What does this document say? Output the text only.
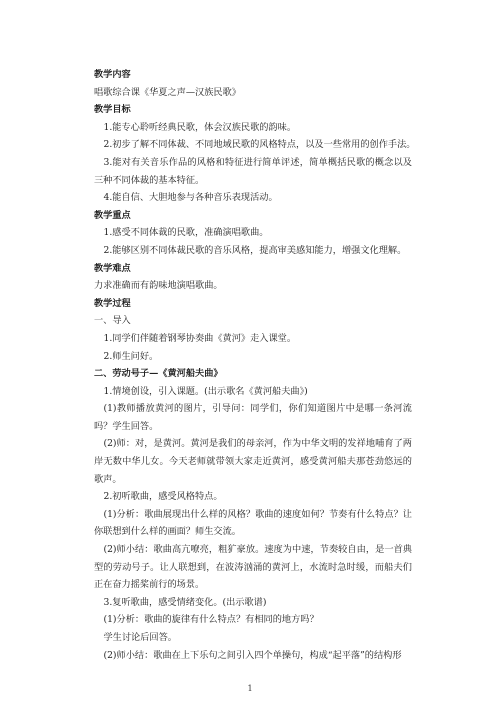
教学内容
唱歌综合课《华夏之声—汉族民歌》
教学目标
1.能专心聆听经典民歌，体会汉族民歌的韵味。
2.初步了解不同体裁、不同地域民歌的风格特点，以及一些常用的创作手法。
3.能对有关音乐作品的风格和特征进行简单评述，简单概括民歌的概念以及三种不同体裁的基本特征。
4.能自信、大胆地参与各种音乐表现活动。
教学重点
1.感受不同体裁的民歌，准确演唱歌曲。
2.能够区别不同体裁民歌的音乐风格，提高审美感知能力，增强文化理解。
教学难点
力求准确而有韵味地演唱歌曲。
教学过程
一、导入
1.同学们伴随着钢琴协奏曲《黄河》走入课堂。
2.师生问好。
二、劳动号子—《黄河船夫曲》
1.情境创设，引入课题。(出示歌名《黄河船夫曲》)
(1)教师播放黄河的图片，引导问：同学们，你们知道图片中是哪一条河流吗？学生回答。
(2)师：对，是黄河。黄河是我们的母亲河，作为中华文明的发祥地哺育了两岸无数中华儿女。今天老师就带领大家走近黄河，感受黄河船夫那苍劲悠远的歌声。
2.初听歌曲，感受风格特点。
(1)分析：歌曲展现出什么样的风格？歌曲的速度如何？节奏有什么特点？让你联想到什么样的画面？师生交流。
(2)师小结：歌曲高亢嘹亮，粗犷豪放。速度为中速，节奏较自由，是一首典型的劳动号子。让人联想到，在波涛汹涌的黄河上，水流时急时缓，而船夫们正在奋力摇桨前行的场景。
3.复听歌曲，感受情绪变化。(出示歌谱)
(1)分析：歌曲的旋律有什么特点？有相同的地方吗？
学生讨论后回答。
(2)师小结：歌曲在上下乐句之间引入四个单操句，构成“起平落”的结构形
1
